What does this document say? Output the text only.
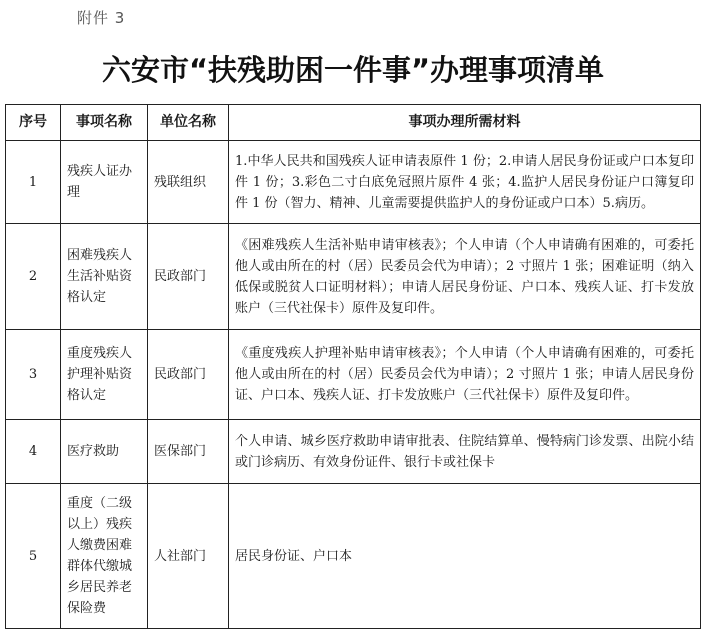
附件 3
六安市“扶残助困一件事”办理事项清单
序号	事项名称	单位名称	事项办理所需材料
1	残疾人证办理	残联组织	1.中华人民共和国残疾人证申请表原件 1 份；2.申请人居民身份证或户口本复印件 1 份；3.彩色二寸白底免冠照片原件 4 张；4.监护人居民身份证户口簿复印件 1 份（智力、精神、儿童需要提供监护人的身份证或户口本）5.病历。
2	困难残疾人生活补贴资格认定	民政部门	《困难残疾人生活补贴申请审核表》；个人申请（个人申请确有困难的，可委托他人或由所在的村（居）民委员会代为申请）；2 寸照片 1 张；困难证明（纳入低保或脱贫人口证明材料）；申请人居民身份证、户口本、残疾人证、打卡发放账户（三代社保卡）原件及复印件。
3	重度残疾人护理补贴资格认定	民政部门	《重度残疾人护理补贴申请审核表》；个人申请（个人申请确有困难的，可委托他人或由所在的村（居）民委员会代为申请）；2 寸照片 1 张；申请人居民身份证、户口本、残疾人证、打卡发放账户（三代社保卡）原件及复印件。
4	医疗救助	医保部门	个人申请、城乡医疗救助申请审批表、住院结算单、慢特病门诊发票、出院小结或门诊病历、有效身份证件、银行卡或社保卡
5	重度（二级以上）残疾人缴费困难群体代缴城乡居民养老保险费	人社部门	居民身份证、户口本
